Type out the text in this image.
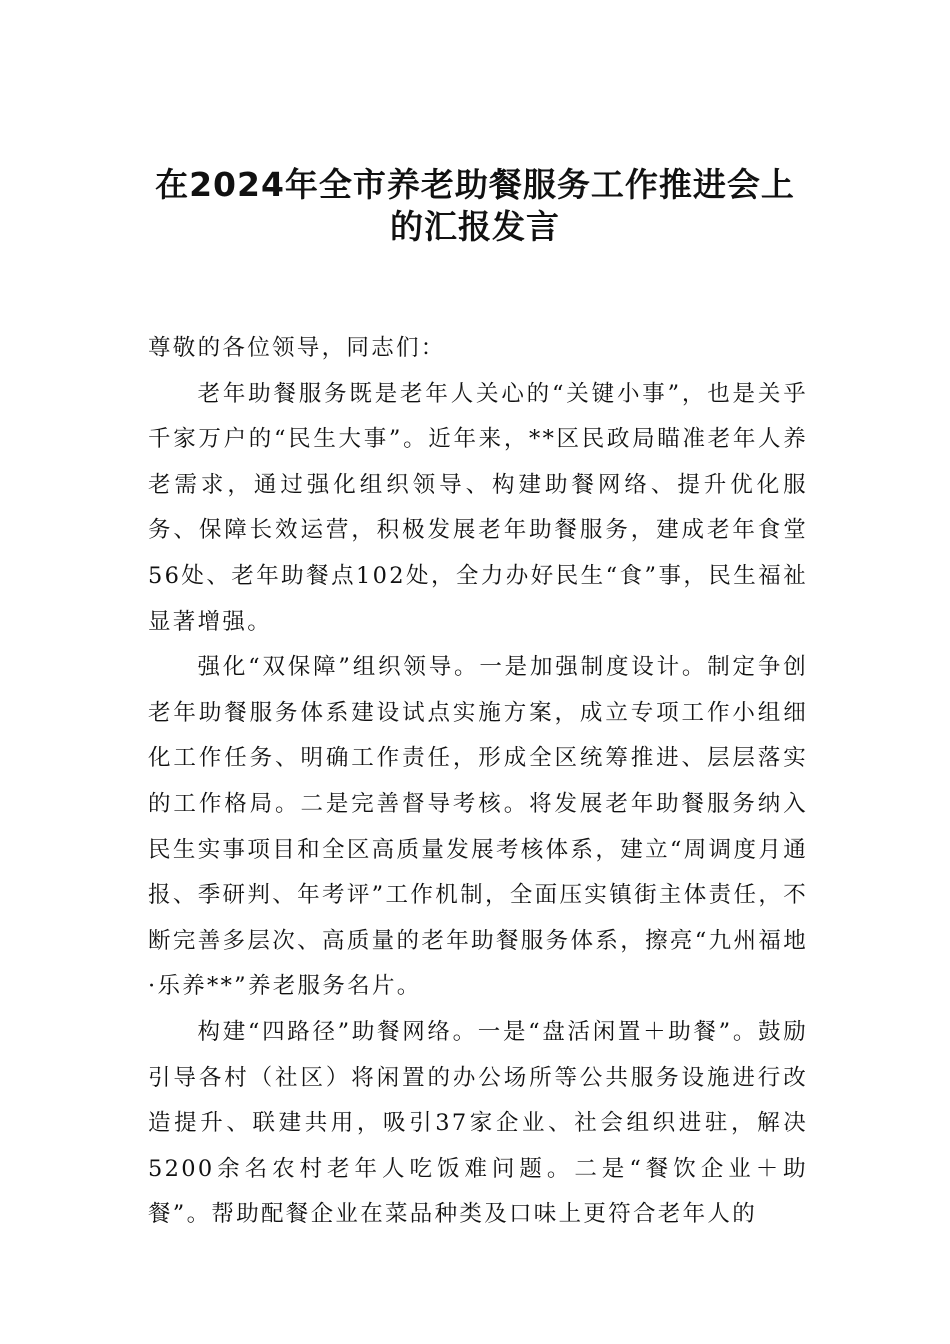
在2024年全市养老助餐服务工作推进会上
的汇报发言

尊敬的各位领导，同志们：

老年助餐服务既是老年人关心的“关键小事”，也是关乎千家万户的“民生大事”。近年来，**区民政局瞄准老年人养老需求，通过强化组织领导、构建助餐网络、提升优化服务、保障长效运营，积极发展老年助餐服务，建成老年食堂56处、老年助餐点102处，全力办好民生“食”事，民生福祉显著增强。

强化“双保障”组织领导。一是加强制度设计。制定争创老年助餐服务体系建设试点实施方案，成立专项工作小组细化工作任务、明确工作责任，形成全区统筹推进、层层落实的工作格局。二是完善督导考核。将发展老年助餐服务纳入民生实事项目和全区高质量发展考核体系，建立“周调度月通报、季研判、年考评”工作机制，全面压实镇街主体责任，不断完善多层次、高质量的老年助餐服务体系，擦亮“九州福地·乐养**”养老服务名片。

构建“四路径”助餐网络。一是“盘活闲置＋助餐”。鼓励引导各村（社区）将闲置的办公场所等公共服务设施进行改造提升、联建共用，吸引37家企业、社会组织进驻，解决5200余名农村老年人吃饭难问题。二是“餐饮企业＋助餐”。帮助配餐企业在菜品种类及口味上更符合老年人的
